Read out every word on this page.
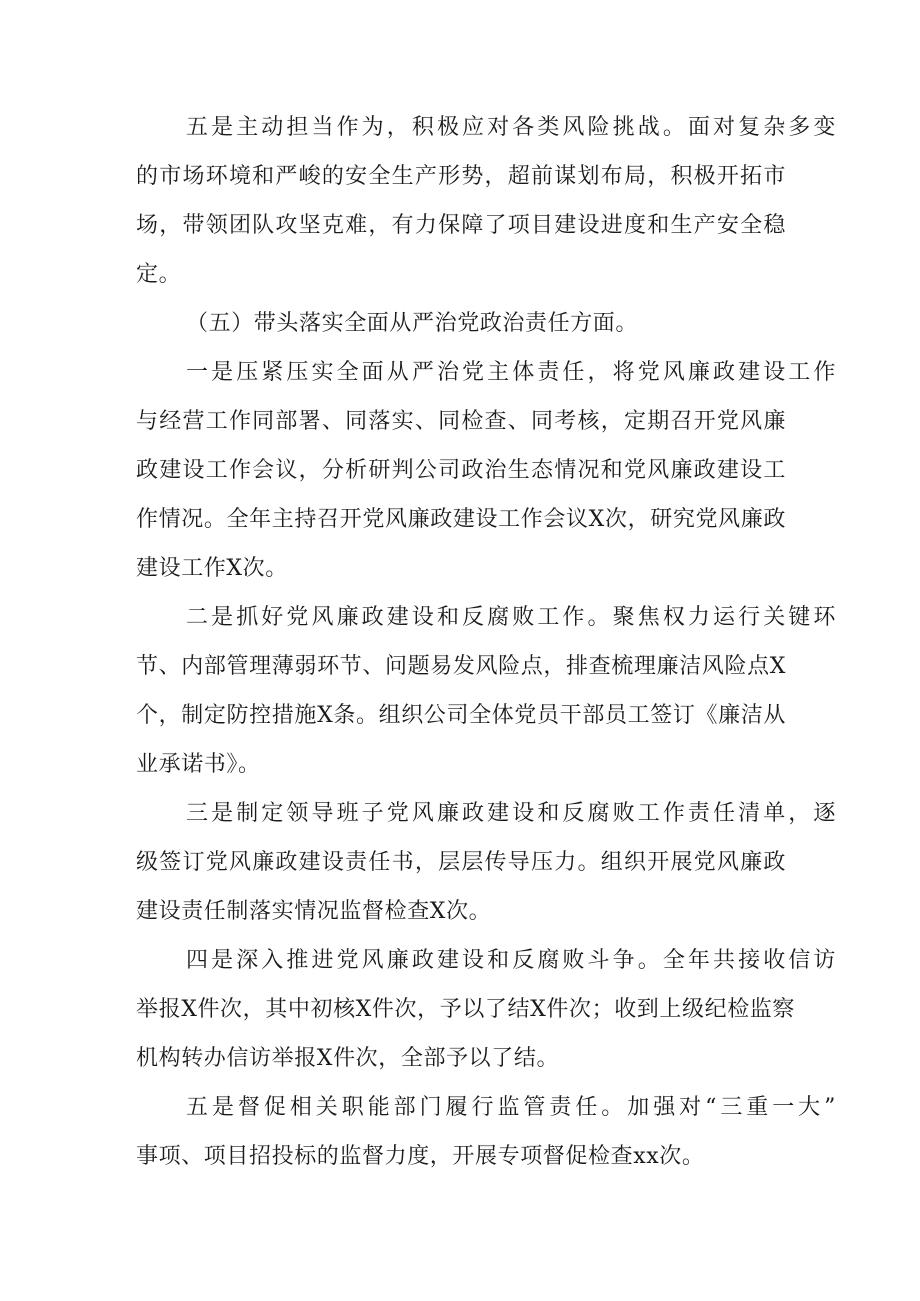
五是主动担当作为，积极应对各类风险挑战。面对复杂多变
的市场环境和严峻的安全生产形势，超前谋划布局，积极开拓市
场，带领团队攻坚克难，有力保障了项目建设进度和生产安全稳
定。
（五）带头落实全面从严治党政治责任方面。
一是压紧压实全面从严治党主体责任，将党风廉政建设工作
与经营工作同部署、同落实、同检查、同考核，定期召开党风廉
政建设工作会议，分析研判公司政治生态情况和党风廉政建设工
作情况。全年主持召开党风廉政建设工作会议X次，研究党风廉政
建设工作X次。
二是抓好党风廉政建设和反腐败工作。聚焦权力运行关键环
节、内部管理薄弱环节、问题易发风险点，排查梳理廉洁风险点X
个，制定防控措施X条。组织公司全体党员干部员工签订《廉洁从
业承诺书》。
三是制定领导班子党风廉政建设和反腐败工作责任清单，逐
级签订党风廉政建设责任书，层层传导压力。组织开展党风廉政
建设责任制落实情况监督检查X次。
四是深入推进党风廉政建设和反腐败斗争。全年共接收信访
举报X件次，其中初核X件次，予以了结X件次；收到上级纪检监察
机构转办信访举报X件次，全部予以了结。
五是督促相关职能部门履行监管责任。加强对“三重一大”
事项、项目招投标的监督力度，开展专项督促检查xx次。
